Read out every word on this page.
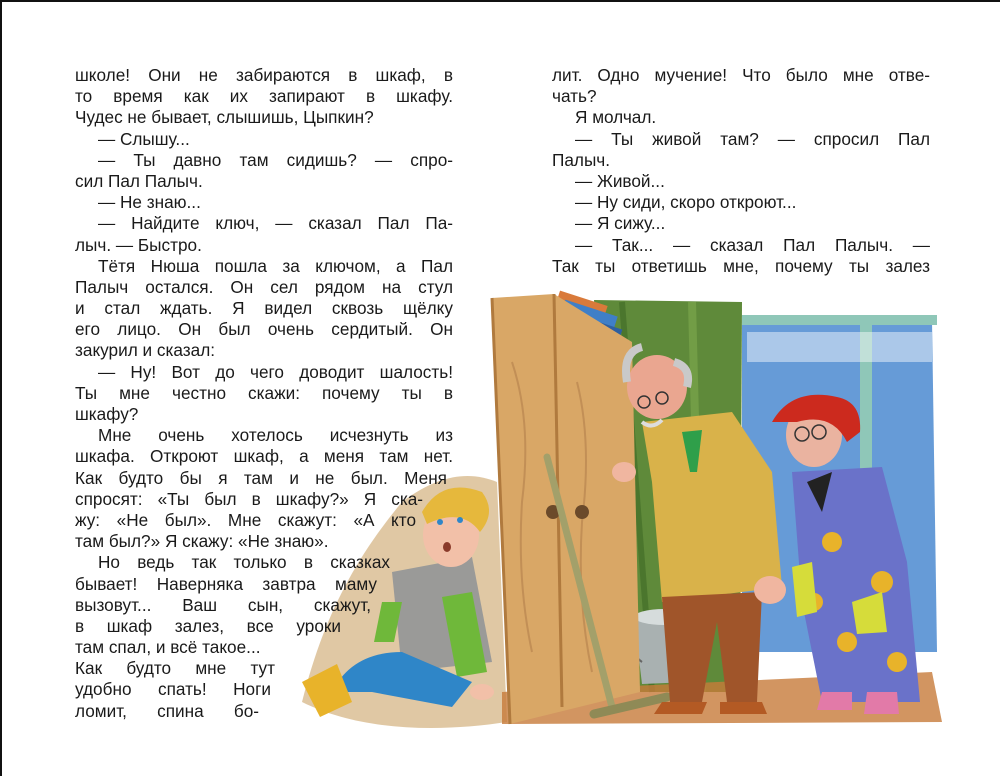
школе! Они не забираются в шкаф, в
то время как их запирают в шкафу.
Чудес не бывает, слышишь, Цыпкин?
— Слышу...
— Ты давно там сидишь? — спро-
сил Пал Палыч.
— Не знаю...
— Найдите ключ, — сказал Пал Па-
лыч. — Быстро.
Тётя Нюша пошла за ключом, а Пал
Палыч остался. Он сел рядом на стул
и стал ждать. Я видел сквозь щёлку
его лицо. Он был очень сердитый. Он
закурил и сказал:
— Ну! Вот до чего доводит шалость!
Ты мне честно скажи: почему ты в
шкафу?
Мне очень хотелось исчезнуть из
шкафа. Откроют шкаф, а меня там нет.
Как будто бы я там и не был. Меня
спросят: «Ты был в шкафу?» Я ска-
жу: «Не был». Мне скажут: «А кто
там был?» Я скажу: «Не знаю».
Но ведь так только в сказках
бывает! Наверняка завтра маму
вызовут... Ваш сын, скажут,
в шкаф залез, все уроки
там спал, и всё такое...
Как будто мне тут
удобно спать! Ноги
ломит, спина бо-
лит. Одно мучение! Что было мне отве-
чать?
Я молчал.
— Ты живой там? — спросил Пал
Палыч.
— Живой...
— Ну сиди, скоро откроют...
— Я сижу...
— Так... — сказал Пал Палыч. —
Так ты ответишь мне, почему ты залез
